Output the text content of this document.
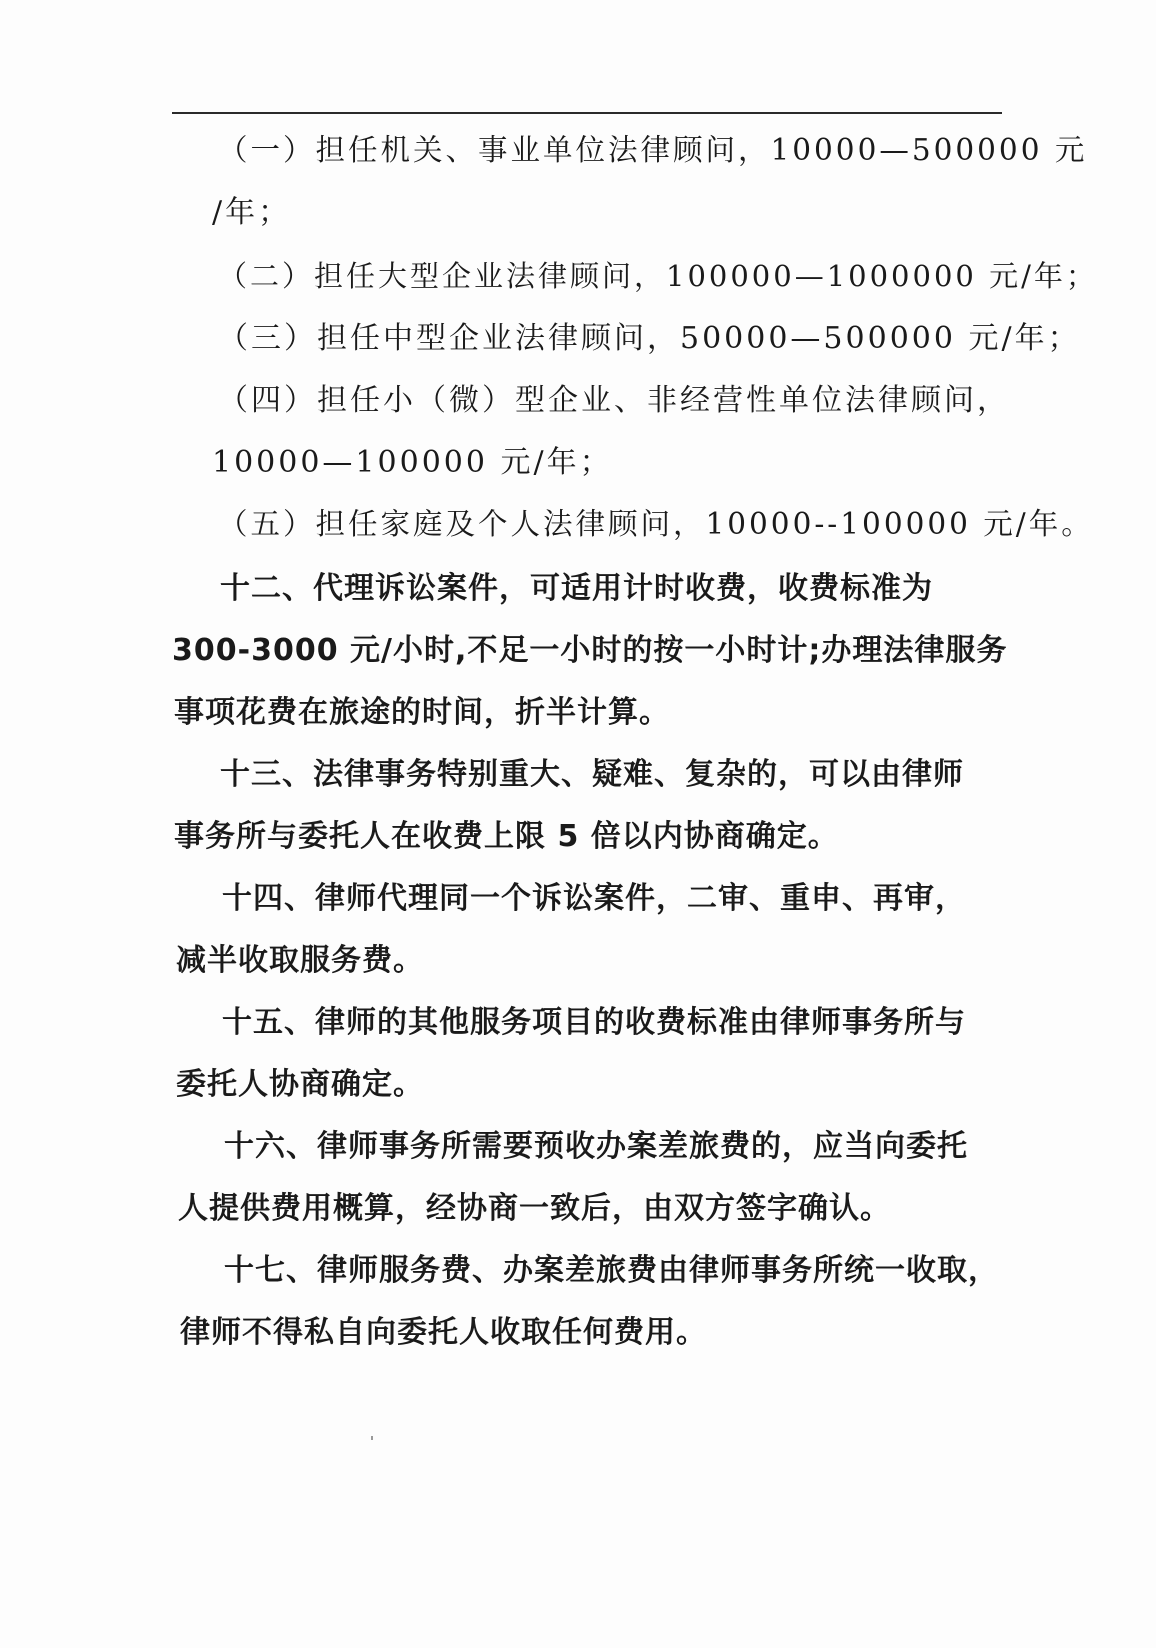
（一）担任机关、事业单位法律顾问，10000—500000 元
/年；
（二）担任大型企业法律顾问，100000—1000000 元/年；
（三）担任中型企业法律顾问，50000—500000 元/年；
（四）担任小（微）型企业、非经营性单位法律顾问，
10000—100000 元/年；
（五）担任家庭及个人法律顾问，10000--100000 元/年。
十二、代理诉讼案件，可适用计时收费，收费标准为
300-3000 元/小时,不足一小时的按一小时计;办理法律服务
事项花费在旅途的时间，折半计算。
十三、法律事务特别重大、疑难、复杂的，可以由律师
事务所与委托人在收费上限 5 倍以内协商确定。
十四、律师代理同一个诉讼案件，二审、重申、再审，
减半收取服务费。
十五、律师的其他服务项目的收费标准由律师事务所与
委托人协商确定。
十六、律师事务所需要预收办案差旅费的，应当向委托
人提供费用概算，经协商一致后，由双方签字确认。
十七、律师服务费、办案差旅费由律师事务所统一收取，
律师不得私自向委托人收取任何费用。
